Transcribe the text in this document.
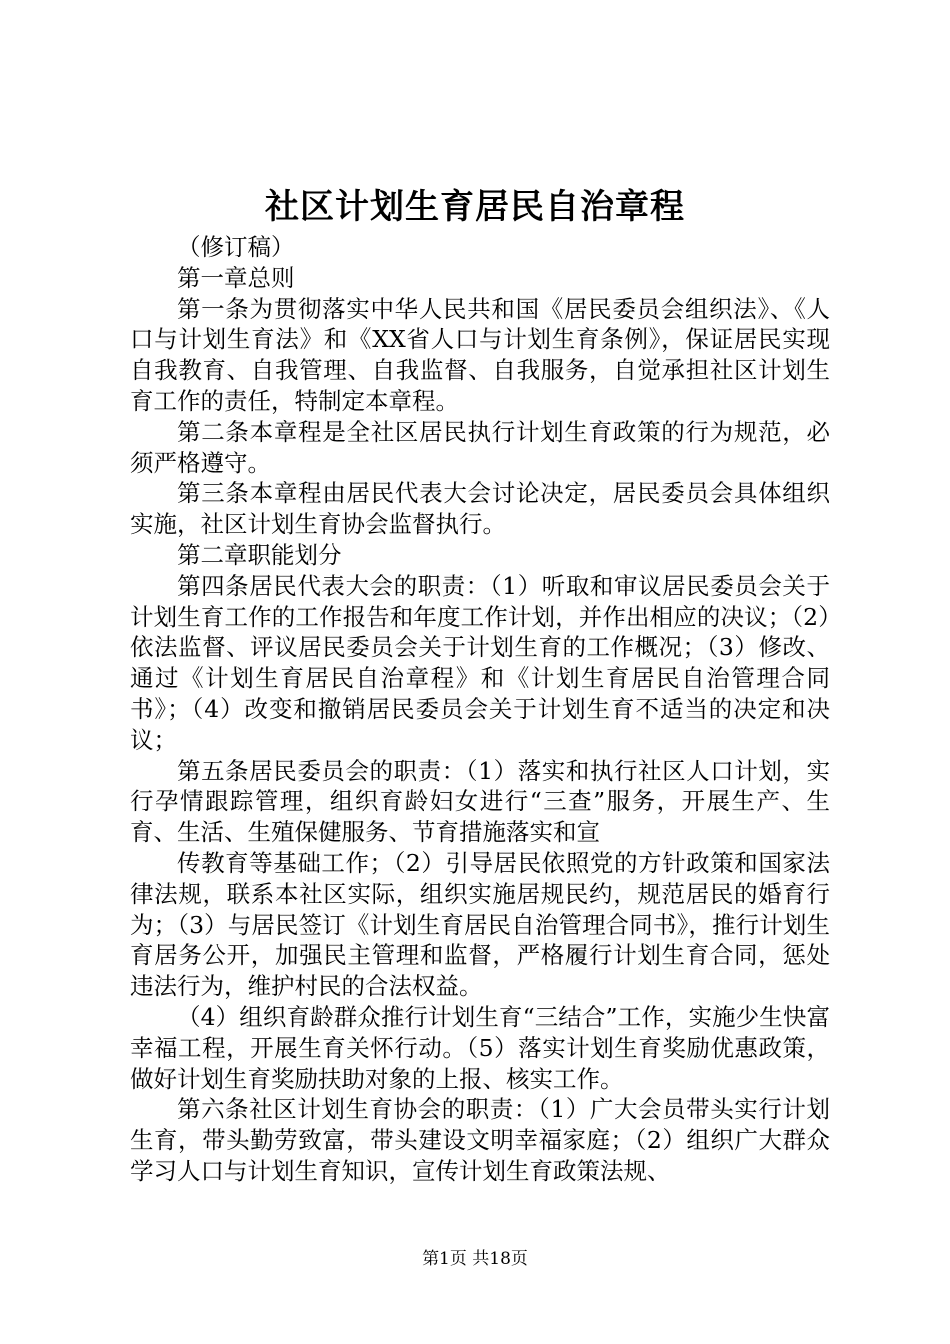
社区计划生育居民自治章程

（修订稿）

第一章总则

第一条为贯彻落实中华人民共和国《居民委员会组织法》、《人口与计划生育法》和《XX省人口与计划生育条例》，保证居民实现自我教育、自我管理、自我监督、自我服务，自觉承担社区计划生育工作的责任，特制定本章程。

第二条本章程是全社区居民执行计划生育政策的行为规范，必须严格遵守。

第三条本章程由居民代表大会讨论决定，居民委员会具体组织实施，社区计划生育协会监督执行。

第二章职能划分

第四条居民代表大会的职责：（1）听取和审议居民委员会关于计划生育工作的工作报告和年度工作计划，并作出相应的决议；（2）依法监督、评议居民委员会关于计划生育的工作概况；（3）修改、通过《计划生育居民自治章程》和《计划生育居民自治管理合同书》；（4）改变和撤销居民委员会关于计划生育不适当的决定和决议；

第五条居民委员会的职责：（1）落实和执行社区人口计划，实行孕情跟踪管理，组织育龄妇女进行“三查”服务，开展生产、生育、生活、生殖保健服务、节育措施落实和宣

传教育等基础工作；（2）引导居民依照党的方针政策和国家法律法规，联系本社区实际，组织实施居规民约，规范居民的婚育行为；（3）与居民签订《计划生育居民自治管理合同书》，推行计划生育居务公开，加强民主管理和监督，严格履行计划生育合同，惩处违法行为，维护村民的合法权益。

（4）组织育龄群众推行计划生育“三结合”工作，实施少生快富幸福工程，开展生育关怀行动。（5）落实计划生育奖励优惠政策，做好计划生育奖励扶助对象的上报、核实工作。

第六条社区计划生育协会的职责：（1）广大会员带头实行计划生育，带头勤劳致富，带头建设文明幸福家庭；（2）组织广大群众学习人口与计划生育知识，宣传计划生育政策法规、

第1页 共18页
